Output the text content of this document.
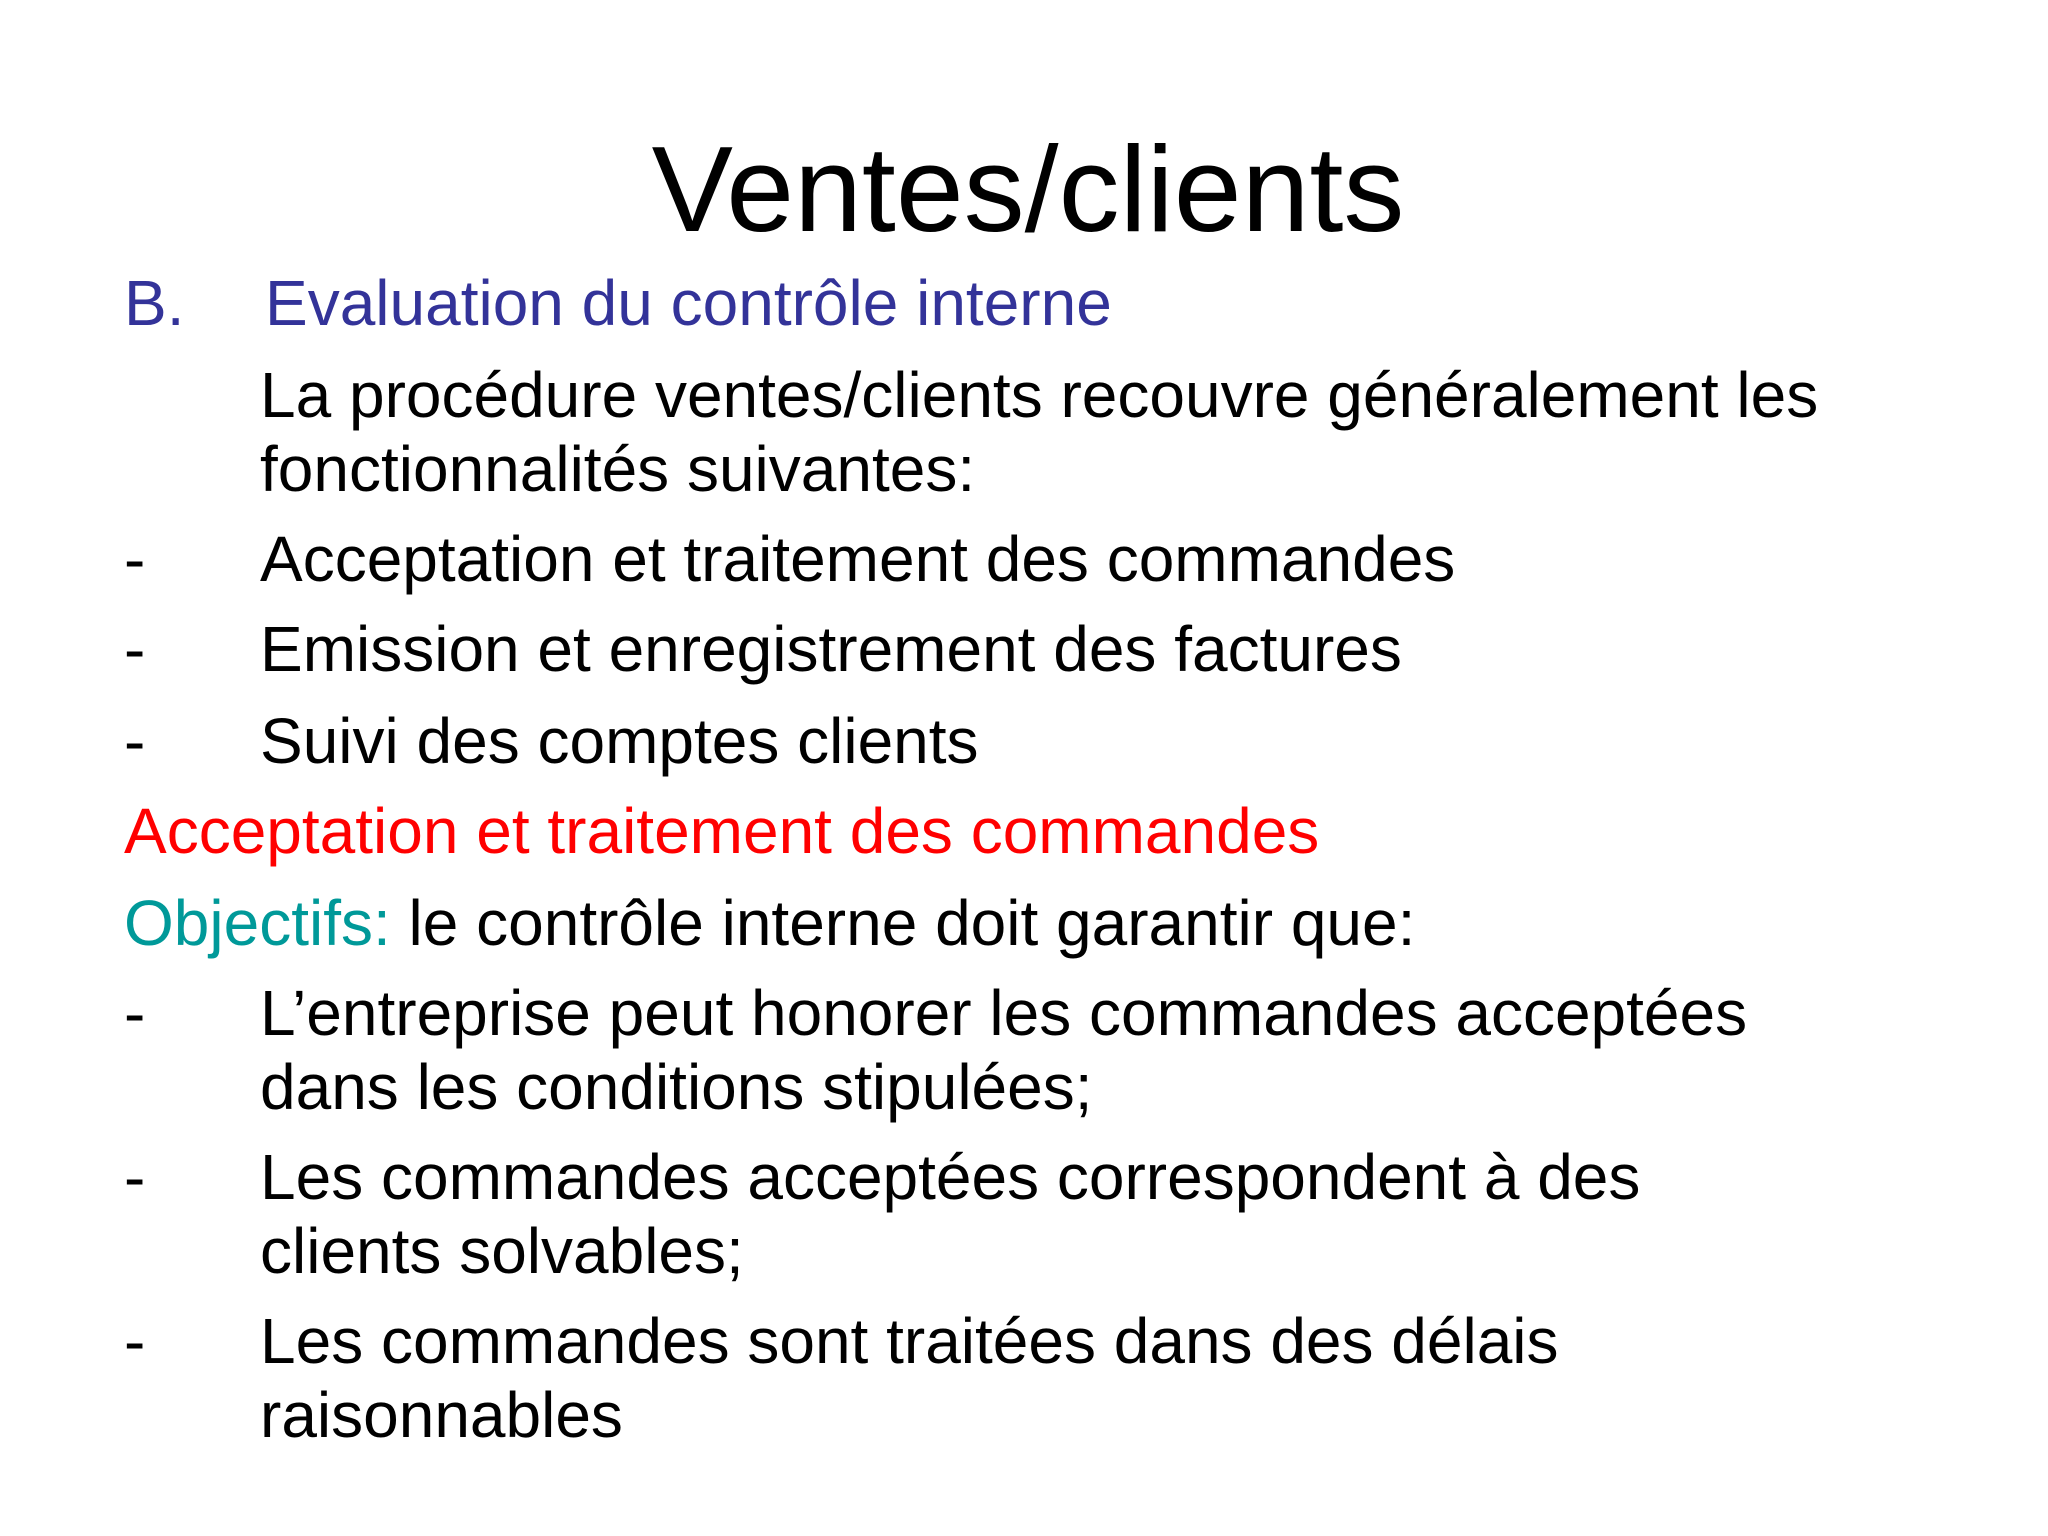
Ventes/clients
B. Evaluation du contrôle interne
La procédure ventes/clients recouvre généralement les
fonctionnalités suivantes:
- Acceptation et traitement des commandes
- Emission et enregistrement des factures
- Suivi des comptes clients
Acceptation et traitement des commandes
Objectifs: le contrôle interne doit garantir que:
- L’entreprise peut honorer les commandes acceptées
dans les conditions stipulées;
- Les commandes acceptées correspondent à des
clients solvables;
- Les commandes sont traitées dans des délais
raisonnables
